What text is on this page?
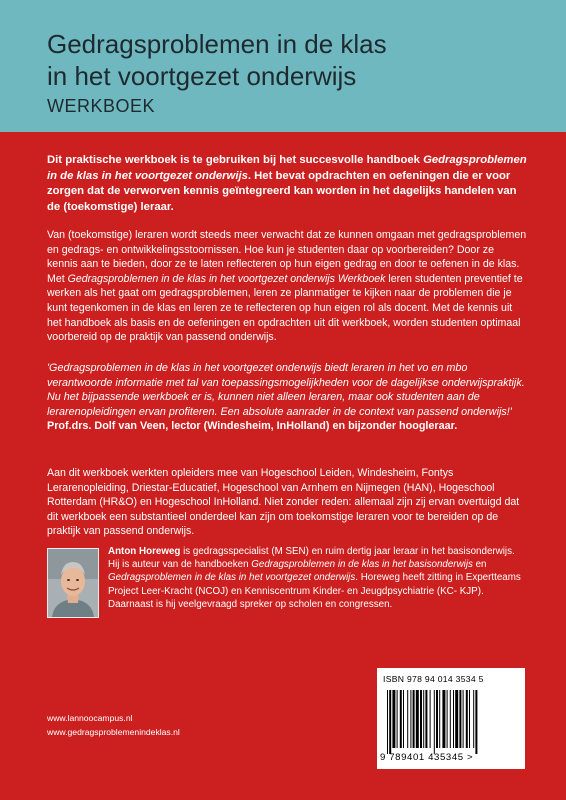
Gedragsproblemen in de klas
in het voortgezet onderwijs
WERKBOEK

Dit praktische werkboek is te gebruiken bij het succesvolle handboek Gedragsproblemen in de klas in het voortgezet onderwijs. Het bevat opdrachten en oefeningen die er voor zorgen dat de verworven kennis geïntegreerd kan worden in het dagelijks handelen van de (toekomstige) leraar.

Van (toekomstige) leraren wordt steeds meer verwacht dat ze kunnen omgaan met gedragsproblemen en gedrags- en ontwikkelingsstoornissen. Hoe kun je studenten daar op voorbereiden? Door ze kennis aan te bieden, door ze te laten reflecteren op hun eigen gedrag en door te oefenen in de klas. Met Gedragsproblemen in de klas in het voortgezet onderwijs Werkboek leren studenten preventief te werken als het gaat om gedragsproblemen, leren ze planmatiger te kijken naar de problemen die je kunt tegenkomen in de klas en leren ze te reflecteren op hun eigen rol als docent. Met de kennis uit het handboek als basis en de oefeningen en opdrachten uit dit werkboek, worden studenten optimaal voorbereid op de praktijk van passend onderwijs.

'Gedragsproblemen in de klas in het voortgezet onderwijs biedt leraren in het vo en mbo verantwoorde informatie met tal van toepassingsmogelijkheden voor de dagelijkse onderwijspraktijk. Nu het bijpassende werkboek er is, kunnen niet alleen leraren, maar ook studenten aan de lerarenopleidingen ervan profiteren. Een absolute aanrader in de context van passend onderwijs!' Prof.drs. Dolf van Veen, lector (Windesheim, InHolland) en bijzonder hoogleraar.

Aan dit werkboek werkten opleiders mee van Hogeschool Leiden, Windesheim, Fontys Lerarenopleiding, Driestar-Educatief, Hogeschool van Arnhem en Nijmegen (HAN), Hogeschool Rotterdam (HR&O) en Hogeschool InHolland. Niet zonder reden: allemaal zijn zij ervan overtuigd dat dit werkboek een substantieel onderdeel kan zijn om toekomstige leraren voor te bereiden op de praktijk van passend onderwijs.

Anton Horeweg is gedragsspecialist (M SEN) en ruim dertig jaar leraar in het basisonderwijs. Hij is auteur van de handboeken Gedragsproblemen in de klas in het basisonderwijs en Gedragsproblemen in de klas in het voortgezet onderwijs. Horeweg heeft zitting in Expertteams Project Leer-Kracht (NCOJ) en Kenniscentrum Kinder- en Jeugdpsychiatrie (KC- KJP). Daarnaast is hij veelgevraagd spreker op scholen en congressen.

www.lannoocampus.nl
www.gedragsproblemenindeklas.nl
ISBN 978 94 014 3534 5
9 789401 435345 >
